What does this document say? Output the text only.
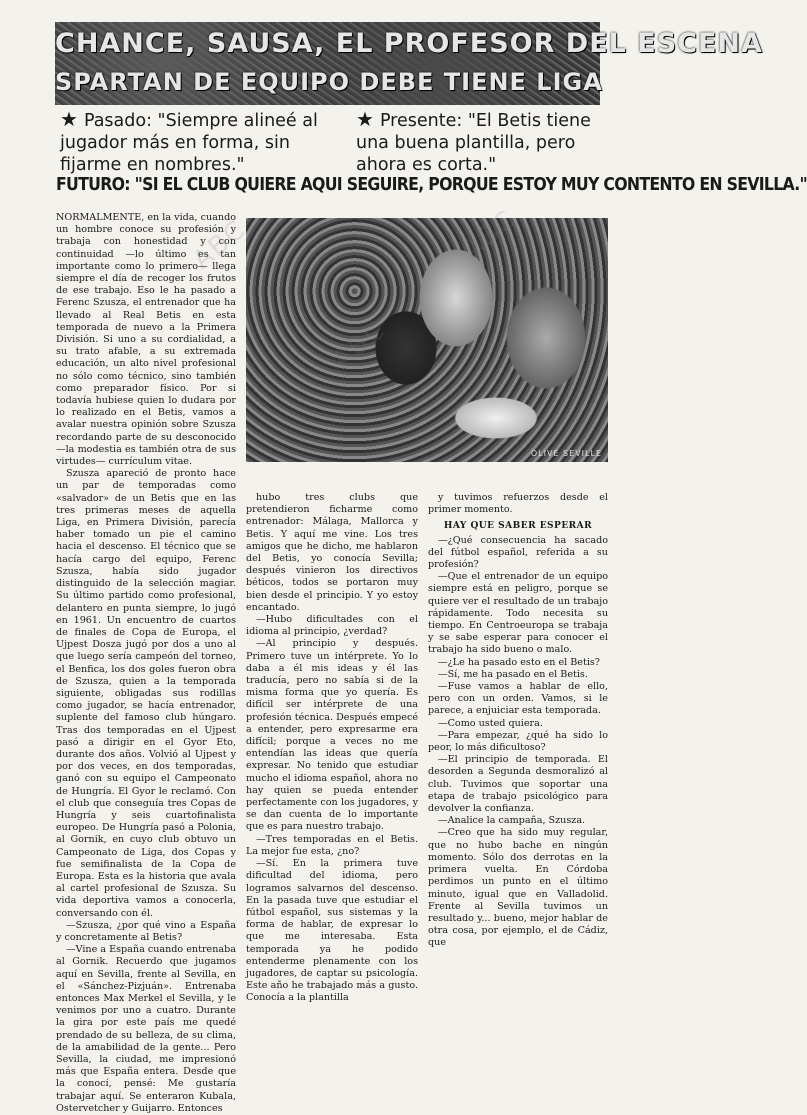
CHANCE, SAUSA, EL PROFESOR DEL ESCENA
SPARTAN DE EQUIPO DEBE TIENE LIGA
★ Pasado: "Siempre alineé al jugador más en forma, sin fijarme en nombres."
★ Presente: "El Betis tiene una buena plantilla, pero ahora es corta."
FUTURO: "SI EL CLUB QUIERE AQUI SEGUIRE, PORQUE ESTOY MUY CONTENTO EN SEVILLA."

NORMALMENTE, en la vida, cuando un hombre conoce su profesión y trabaja con honestidad y con continuidad —lo último es tan importante como lo primero— llega siempre el día de recoger los frutos de ese trabajo. Eso le ha pasado a Ferenc Szusza, el entrenador que ha llevado al Real Betis en esta temporada de nuevo a la Primera División. Si uno a su cordialidad, a su trato afable, a su extremada educación, un alto nivel profesional no sólo como técnico, sino también como preparador físico. Por si todavía hubiese quien lo dudara por lo realizado en el Betis, vamos a avalar nuestra opinión sobre Szusza recordando parte de su desconocido —la modestia es también otra de sus virtudes— currículum vitae.

Szusza apareció de pronto hace un par de temporadas como «salvador» de un Betis que en las tres primeras meses de aquella Liga, en Primera División, parecía haber tomado un pie el camino hacia el descenso. El técnico que se hacía cargo del equipo, Ferenc Szusza, había sido jugador distinguido de la selección magiar. Su último partido como profesional, delantero en punta siempre, lo jugó en 1961. Un encuentro de cuartos de finales de Copa de Europa, el Ujpest Dosza jugó por dos a uno al que luego sería campeón del torneo, el Benfica, los dos goles fueron obra de Szusza, quien a la temporada siguiente, obligadas sus rodillas como jugador, se hacía entrenador, suplente del famoso club húngaro. Tras dos temporadas en el Ujpest pasó a dirigir en el Gyor Eto, durante dos años. Volvió al Ujpest y por dos veces, en dos temporadas, ganó con su equipo el Campeonato de Hungría. El Gyor le reclamó. Con el club que conseguía tres Copas de Hungría y seis cuartofinalista europeo. De Hungría pasó a Polonia, al Gornik, en cuyo club obtuvo un Campeonato de Liga, dos Copas y fue semifinalista de la Copa de Europa. Esta es la historia que avala al cartel profesional de Szusza. Su vida deportiva vamos a conocerla, conversando con él.

—Szusza, ¿por qué vino a España y concretamente al Betis?

—Vine a España cuando entrenaba al Gornik. Recuerdo que jugamos aquí en Sevilla, frente al Sevilla, en el «Sánchez-Pizjuán». Entrenaba entonces Max Merkel el Sevilla, y le venimos por uno a cuatro. Durante la gira por este país me quedé prendado de su belleza, de su clima, de la amabilidad de la gente... Pero Sevilla, la ciudad, me impresionó más que España entera. Desde que la conocí, pensé: Me gustaría trabajar aquí. Se enteraron Kubala, Ostervetcher y Guijarro. Entonces

OLIVE SEVILLE

hubo tres clubs que pretendieron ficharme como entrenador: Málaga, Mallorca y Betis. Y aquí me vine. Los tres amigos que he dicho, me hablaron del Betis, yo conocía Sevilla; después vinieron los directivos béticos, todos se portaron muy bien desde el principio. Y yo estoy encantado.

—Hubo dificultades con el idioma al principio, ¿verdad?

—Al principio y después. Primero tuve un intérprete. Yo lo daba a él mis ideas y él las traducía, pero no sabía si de la misma forma que yo quería. Es difícil ser intérprete de una profesión técnica. Después empecé a entender, pero expresarme era difícil; porque a veces no me entendían las ideas que quería expresar. No tenido que estudiar mucho el idioma español, ahora no hay quien se pueda entender perfectamente con los jugadores, y se dan cuenta de lo importante que es para nuestro trabajo.

—Tres temporadas en el Betis. La mejor fue esta, ¿no?

—Sí. En la primera tuve dificultad del idioma, pero logramos salvarnos del descenso. En la pasada tuve que estudiar el fútbol español, sus sistemas y la forma de hablar, de expresar lo que me interesaba. Esta temporada ya he podido entenderme plenamente con los jugadores, de captar su psicología. Este año he trabajado más a gusto. Conocía a la plantilla

y tuvimos refuerzos desde el primer momento.

HAY QUE SABER ESPERAR

—¿Qué consecuencia ha sacado del fútbol español, referida a su profesión?

—Que el entrenador de un equipo siempre está en peligro, porque se quiere ver el resultado de un trabajo rápidamente. Todo necesita su tiempo. En Centroeuropa se trabaja y se sabe esperar para conocer el trabajo ha sido bueno o malo.

—¿Le ha pasado esto en el Betis?

—Sí, me ha pasado en el Betis.

—Fuse vamos a hablar de ello, pero con un orden. Vamos, si le parece, a enjuiciar esta temporada.

—Como usted quiera.

—Para empezar, ¿qué ha sido lo peor, lo más dificultoso?

—El principio de temporada. El desorden a Segunda desmoralizó al club. Tuvimos que soportar una etapa de trabajo psicológico para devolver la confianza.

—Analice la campaña, Szusza.

—Creo que ha sido muy regular, que no hubo bache en ningún momento. Sólo dos derrotas en la primera vuelta. En Córdoba perdimos un punto en el último minuto, igual que en Valladolid. Frente al Sevilla tuvimos un resultado y... bueno, mejor hablar de otra cosa, por ejemplo, el de Cádiz, que

ABC
